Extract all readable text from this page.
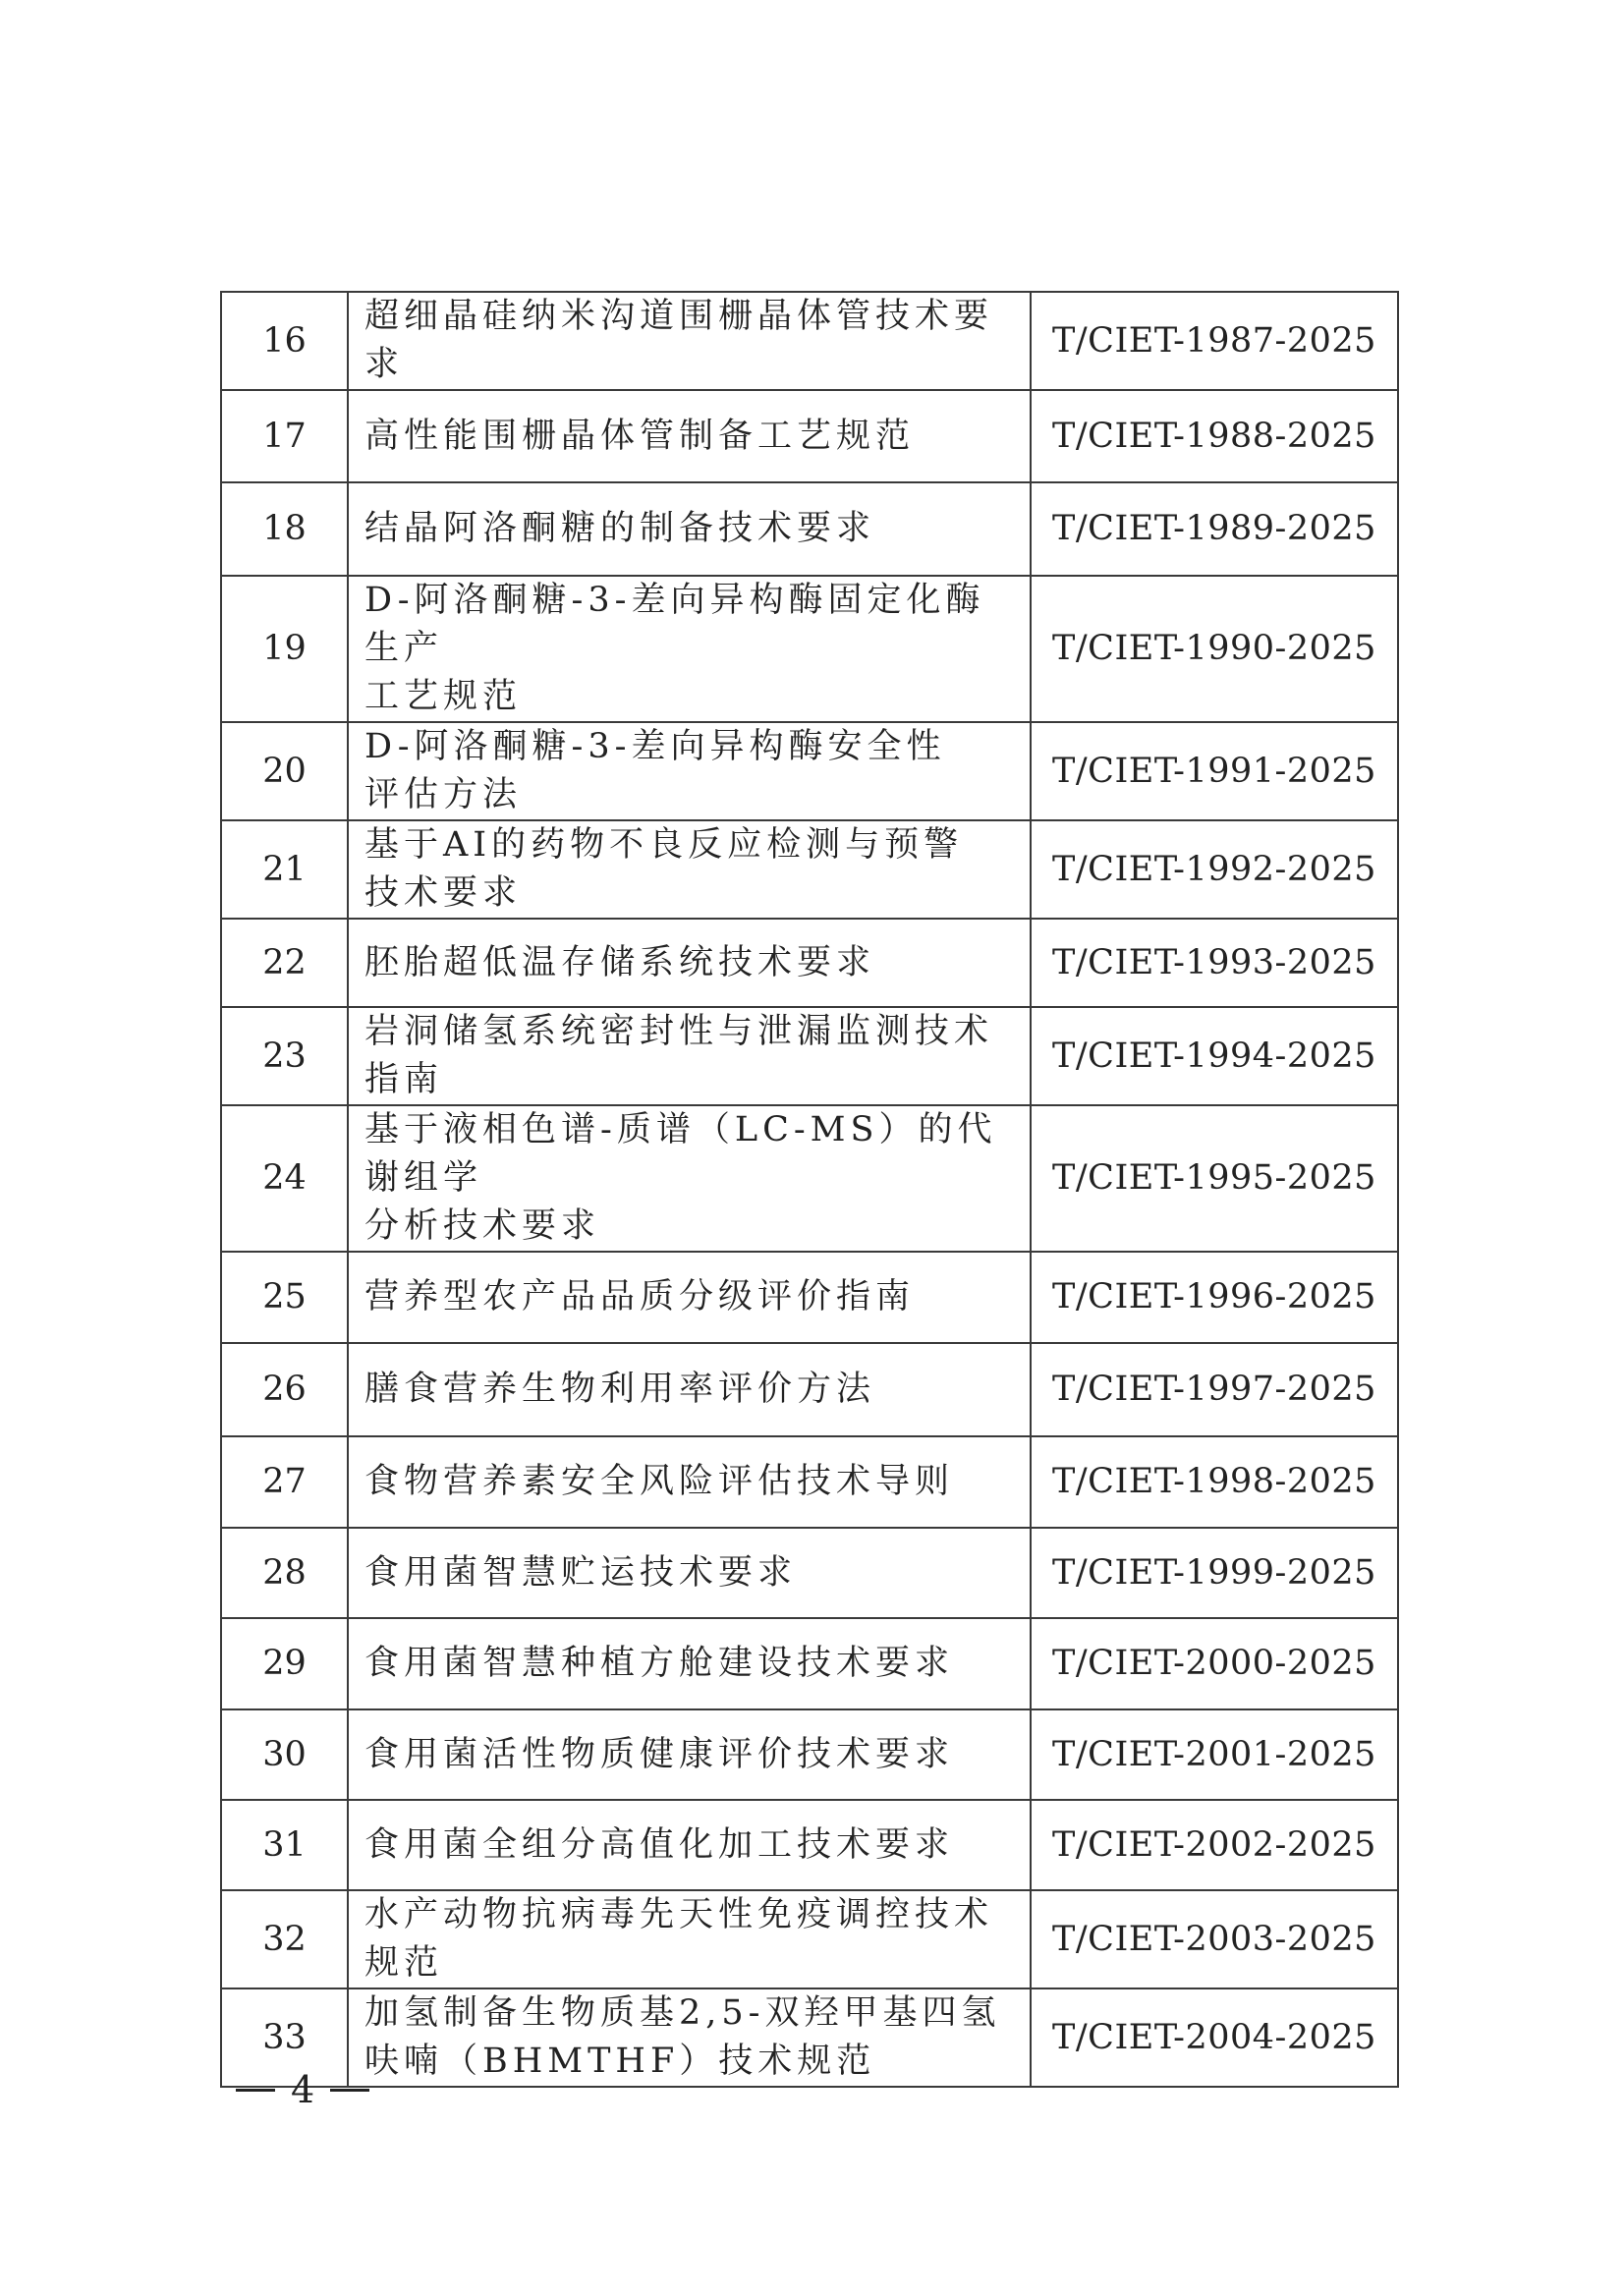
16	超细晶硅纳米沟道围栅晶体管技术要求	T/CIET-1987-2025
17	高性能围栅晶体管制备工艺规范	T/CIET-1988-2025
18	结晶阿洛酮糖的制备技术要求	T/CIET-1989-2025
19	D-阿洛酮糖-3-差向异构酶固定化酶生产
工艺规范	T/CIET-1990-2025
20	D-阿洛酮糖-3-差向异构酶安全性
评估方法	T/CIET-1991-2025
21	基于AI的药物不良反应检测与预警
技术要求	T/CIET-1992-2025
22	胚胎超低温存储系统技术要求	T/CIET-1993-2025
23	岩洞储氢系统密封性与泄漏监测技术指南	T/CIET-1994-2025
24	基于液相色谱-质谱（LC-MS）的代谢组学
分析技术要求	T/CIET-1995-2025
25	营养型农产品品质分级评价指南	T/CIET-1996-2025
26	膳食营养生物利用率评价方法	T/CIET-1997-2025
27	食物营养素安全风险评估技术导则	T/CIET-1998-2025
28	食用菌智慧贮运技术要求	T/CIET-1999-2025
29	食用菌智慧种植方舱建设技术要求	T/CIET-2000-2025
30	食用菌活性物质健康评价技术要求	T/CIET-2001-2025
31	食用菌全组分高值化加工技术要求	T/CIET-2002-2025
32	水产动物抗病毒先天性免疫调控技术规范	T/CIET-2003-2025
33	加氢制备生物质基2,5-双羟甲基四氢
呋喃（BHMTHF）技术规范	T/CIET-2004-2025
4
